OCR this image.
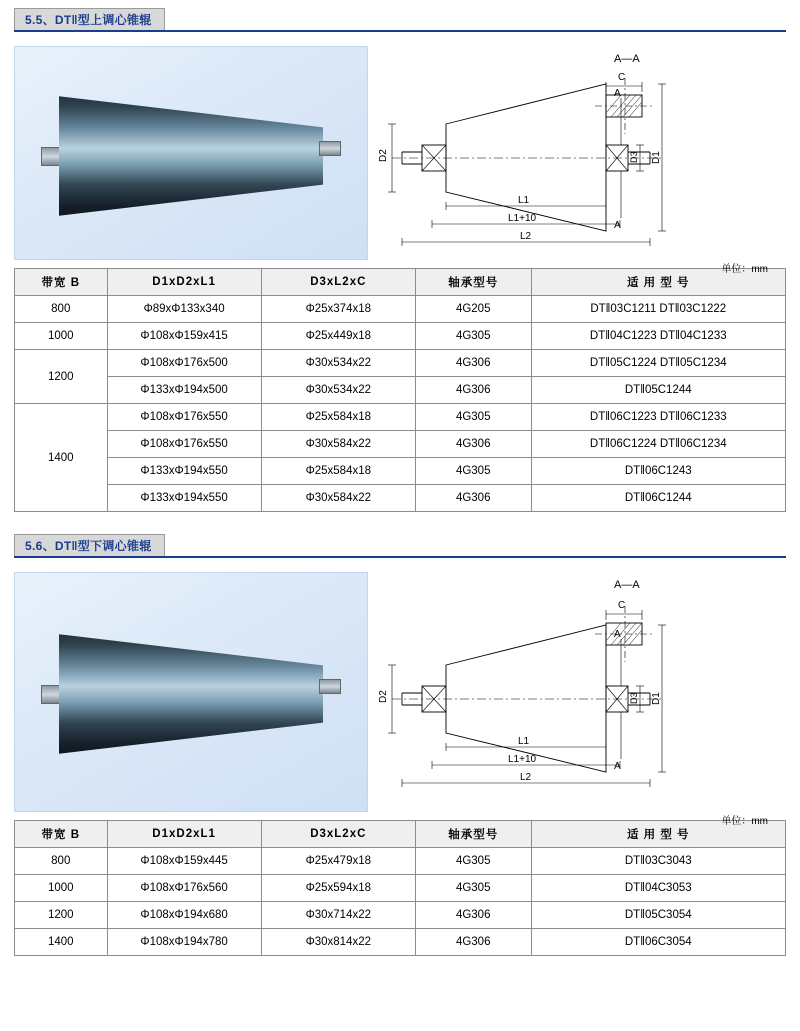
5.5、DT‖型上调心锥辊
A—A
C
A
A
D2	D3 D1
L1
L1+10
L2
单位：mm
带宽 B	D1xD2xL1	D3xL2xC	轴承型号	适 用 型 号
800	Φ89xΦ133x340	Φ25x374x18	4G205	DT‖03C1211 DT‖03C1222
1000	Φ108xΦ159x415	Φ25x449x18	4G305	DT‖04C1223 DT‖04C1233
1200	Φ108xΦ176x500	Φ30x534x22	4G306	DT‖05C1224 DT‖05C1234
	Φ133xΦ194x500	Φ30x534x22	4G306	DT‖05C1244
1400	Φ108xΦ176x550	Φ25x584x18	4G305	DT‖06C1223 DT‖06C1233
	Φ108xΦ176x550	Φ30x584x22	4G306	DT‖06C1224 DT‖06C1234
	Φ133xΦ194x550	Φ25x584x18	4G305	DT‖06C1243
	Φ133xΦ194x550	Φ30x584x22	4G306	DT‖06C1244
5.6、DT‖型下调心锥辊
A—A
C
A
A
D2	D3 D1
L1
L1+10
L2
单位：mm
带宽 B	D1xD2xL1	D3xL2xC	轴承型号	适 用 型 号
800	Φ108xΦ159x445	Φ25x479x18	4G305	DT‖03C3043
1000	Φ108xΦ176x560	Φ25x594x18	4G305	DT‖04C3053
1200	Φ108xΦ194x680	Φ30x714x22	4G306	DT‖05C3054
1400	Φ108xΦ194x780	Φ30x814x22	4G306	DT‖06C3054
